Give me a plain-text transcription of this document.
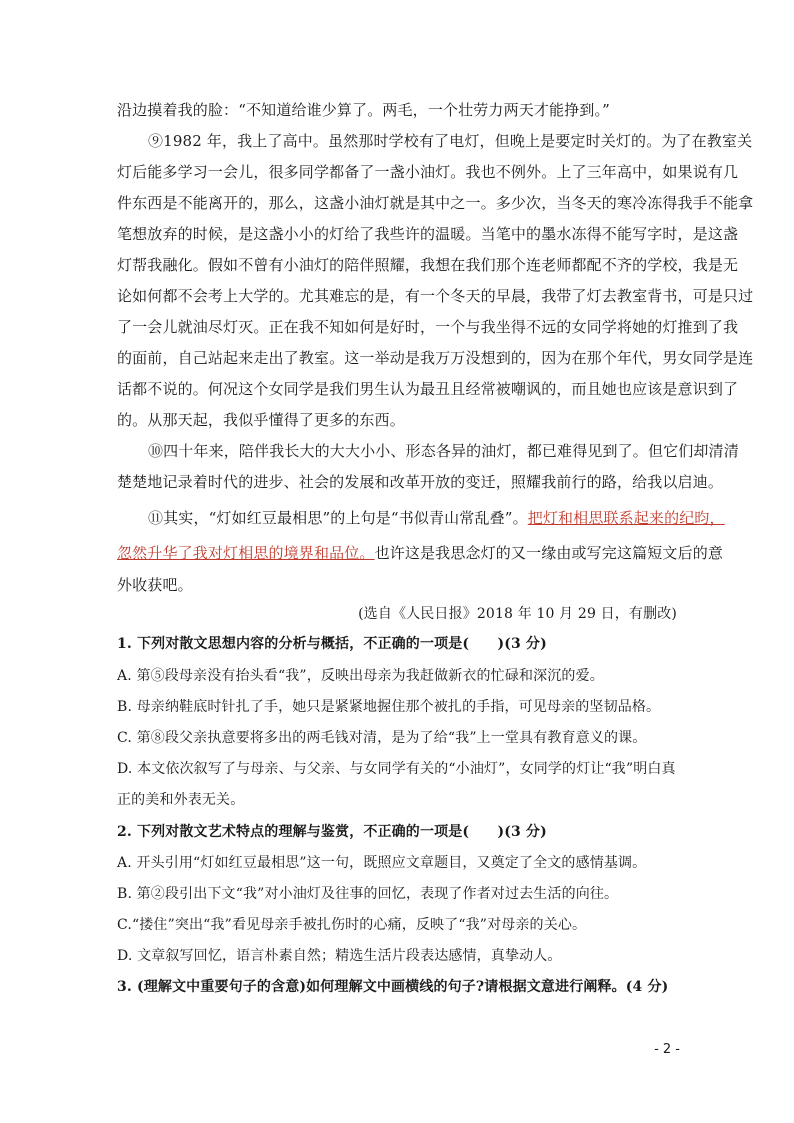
沿边摸着我的脸：“不知道给谁少算了。两毛，一个壮劳力两天才能挣到。”
⑨1982 年，我上了高中。虽然那时学校有了电灯，但晚上是要定时关灯的。为了在教室关
灯后能多学习一会儿，很多同学都备了一盏小油灯。我也不例外。上了三年高中，如果说有几
件东西是不能离开的，那么，这盏小油灯就是其中之一。多少次，当冬天的寒冷冻得我手不能拿
笔想放弃的时候，是这盏小小的灯给了我些许的温暖。当笔中的墨水冻得不能写字时，是这盏
灯帮我融化。假如不曾有小油灯的陪伴照耀，我想在我们那个连老师都配不齐的学校，我是无
论如何都不会考上大学的。尤其难忘的是，有一个冬天的早晨，我带了灯去教室背书，可是只过
了一会儿就油尽灯灭。正在我不知如何是好时，一个与我坐得不远的女同学将她的灯推到了我
的面前，自己站起来走出了教室。这一举动是我万万没想到的，因为在那个年代，男女同学是连
话都不说的。何况这个女同学是我们男生认为最丑且经常被嘲讽的，而且她也应该是意识到了
的。从那天起，我似乎懂得了更多的东西。
⑩四十年来，陪伴我长大的大大小小、形态各异的油灯，都已难得见到了。但它们却清清
楚楚地记录着时代的进步、社会的发展和改革开放的变迁，照耀我前行的路，给我以启迪。
⑪其实，“灯如红豆最相思”的上句是“书似青山常乱叠”。把灯和相思联系起来的纪昀，
忽然升华了我对灯相思的境界和品位。也许这是我思念灯的又一缘由或写完这篇短文后的意
外收获吧。
(选自《人民日报》2018 年 10 月 29 日，有删改)
1. 下列对散文思想内容的分析与概括，不正确的一项是(　　)(3 分)
A. 第⑤段母亲没有抬头看“我”，反映出母亲为我赶做新衣的忙碌和深沉的爱。
B. 母亲纳鞋底时针扎了手，她只是紧紧地握住那个被扎的手指，可见母亲的坚韧品格。
C. 第⑧段父亲执意要将多出的两毛钱对清，是为了给“我”上一堂具有教育意义的课。
D. 本文依次叙写了与母亲、与父亲、与女同学有关的“小油灯”，女同学的灯让“我”明白真
正的美和外表无关。
2. 下列对散文艺术特点的理解与鉴赏，不正确的一项是(　　)(3 分)
A. 开头引用“灯如红豆最相思”这一句，既照应文章题目，又奠定了全文的感情基调。
B. 第②段引出下文“我”对小油灯及往事的回忆，表现了作者对过去生活的向往。
C.“搂住”突出“我”看见母亲手被扎伤时的心痛，反映了“我”对母亲的关心。
D. 文章叙写回忆，语言朴素自然；精选生活片段表达感情，真挚动人。
3. (理解文中重要句子的含意)如何理解文中画横线的句子?请根据文意进行阐释。(4 分)
- 2 -
